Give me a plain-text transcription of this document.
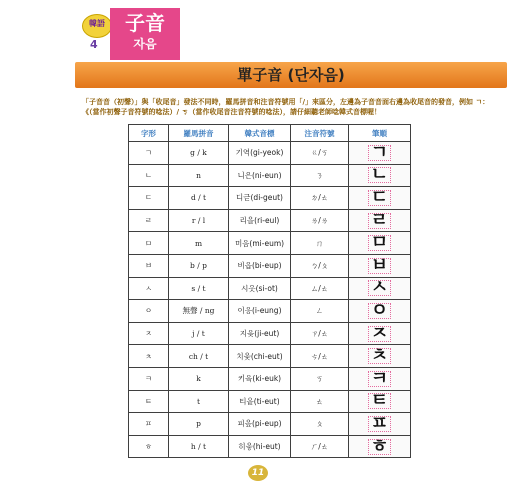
韓語
4
子音
자음
單子音 (단자음)
「子音音（初聲）」與「收尾音」發法不同時，羅馬拼音和注音符號用「/」來區分，左邊為子音音面右邊為收尾音的發音，例如 ㄱ：《（當作初聲子音符號的唸法）/ ㄎ（當作收尾音注音符號的唸法），請仔細聽老師唸韓式音標喔！
字形	羅馬拼音	韓式音標	注音符號	筆順
ㄱ	g / k	기역(gi-yeok)	ㄍ/ㄎ	ㄱ
ㄴ	n	니은(ni-eun)	ㄋ	ㄴ
ㄷ	d / t	디귿(di-geut)	ㄉ/ㄊ	ㄷ
ㄹ	r / l	리을(ri-eul)	ㄌ/ㄌ	ㄹ
ㅁ	m	미음(mi-eum)	ㄇ	ㅁ
ㅂ	b / p	비읍(bi-eup)	ㄅ/ㄆ	ㅂ
ㅅ	s / t	시옷(si-ot)	ㄙ/ㄊ	ㅅ
ㅇ	無聲 / ng	이응(i-eung)	ㄥ	ㅇ
ㅈ	j / t	지읒(ji-eut)	ㄗ/ㄊ	ㅈ
ㅊ	ch / t	치읓(chi-eut)	ㄘ/ㄊ	ㅊ
ㅋ	k	키읔(ki-euk)	ㄎ	ㅋ
ㅌ	t	티읕(ti-eut)	ㄊ	ㅌ
ㅍ	p	피읖(pi-eup)	ㄆ	ㅍ
ㅎ	h / t	히읗(hi-eut)	ㄏ/ㄊ	ㅎ
11
